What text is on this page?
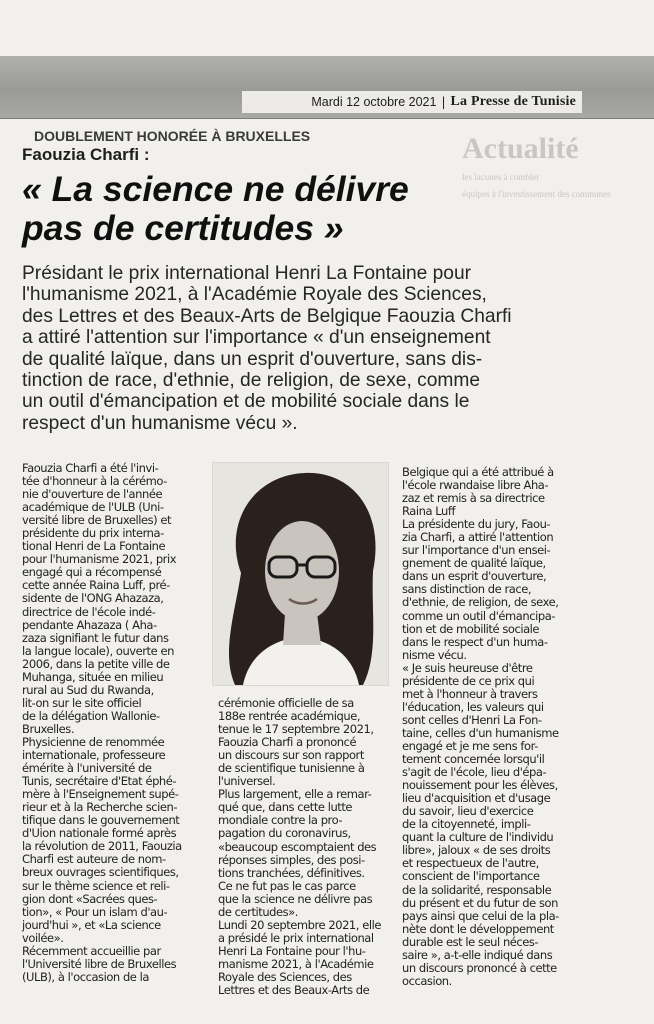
Mardi 12 octobre 2021 | La Presse de Tunisie
Actualité
les lacunes à combler
équipes à l'investissement des communes
DOUBLEMENT HONORÉE À BRUXELLES
Faouzia Charfi :
« La science ne délivre
pas de certitudes »

Présidant le prix international Henri La Fontaine pour

l'humanisme 2021, à l'Académie Royale des Sciences,

des Lettres et des Beaux-Arts de Belgique Faouzia Charfi

a attiré l'attention sur l'importance « d'un enseignement

de qualité laïque, dans un esprit d'ouverture, sans dis-

tinction de race, d'ethnie, de religion, de sexe, comme

un outil d'émancipation et de mobilité sociale dans le

respect d'un humanisme vécu ».

Faouzia Charfi a été l'invi-

tée d'honneur à la cérémo-

nie d'ouverture de l'année

académique de l'ULB (Uni-

versité libre de Bruxelles) et

présidente du prix interna-

tional Henri de La Fontaine

pour l'humanisme 2021, prix

engagé qui a récompensé

cette année Raina Luff, pré-

sidente de l'ONG Ahazaza,

directrice de l'école indé-

pendante Ahazaza ( Aha-

zaza signifiant le futur dans

la langue locale), ouverte en

2006, dans la petite ville de

Muhanga, située en milieu

rural au Sud du Rwanda,

lit-on sur le site officiel

de la délégation Wallonie-

Bruxelles.

Physicienne de renommée

internationale, professeure

émérite à l'université de

Tunis, secrétaire d'Etat éphé-

mère à l'Enseignement supé-

rieur et à la Recherche scien-

tifique dans le gouvernement

d'Uion nationale formé après

la révolution de 2011, Faouzia

Charfi est auteure de nom-

breux ouvrages scientifiques,

sur le thème science et reli-

gion dont «Sacrées ques-

tion», « Pour un islam d'au-

jourd'hui », et «La science

voilée».

Récemment accueillie par

l'Université libre de Bruxelles

(ULB), à l'occasion de la

cérémonie officielle de sa

188e rentrée académique,

tenue le 17 septembre 2021,

Faouzia Charfi a prononcé

un discours sur son rapport

de scientifique tunisienne à

l'universel.

Plus largement, elle a remar-

qué que, dans cette lutte

mondiale contre la pro-

pagation du coronavirus,

«beaucoup escomptaient des

réponses simples, des posi-

tions tranchées, définitives.

Ce ne fut pas le cas parce

que la science ne délivre pas

de certitudes».

Lundi 20 septembre 2021, elle

a présidé le prix international

Henri La Fontaine pour l'hu-

manisme 2021, à l'Académie

Royale des Sciences, des

Lettres et des Beaux-Arts de

Belgique qui a été attribué à

l'école rwandaise libre Aha-

zaz et remis à sa directrice

Raina Luff

La présidente du jury, Faou-

zia Charfi, a attiré l'attention

sur l'importance d'un ensei-

gnement de qualité laïque,

dans un esprit d'ouverture,

sans distinction de race,

d'ethnie, de religion, de sexe,

comme un outil d'émancipa-

tion et de mobilité sociale

dans le respect d'un huma-

nisme vécu.

« Je suis heureuse d'être

présidente de ce prix qui

met à l'honneur à travers

l'éducation, les valeurs qui

sont celles d'Henri La Fon-

taine, celles d'un humanisme

engagé et je me sens for-

tement concernée lorsqu'il

s'agit de l'école, lieu d'épa-

nouissement pour les élèves,

lieu d'acquisition et d'usage

du savoir, lieu d'exercice

de la citoyenneté, impli-

quant la culture de l'individu

libre», jaloux « de ses droits

et respectueux de l'autre,

conscient de l'importance

de la solidarité, responsable

du présent et du futur de son

pays ainsi que celui de la pla-

nète dont le développement

durable est le seul néces-

saire », a-t-elle indiqué dans

un discours prononcé à cette

occasion.
